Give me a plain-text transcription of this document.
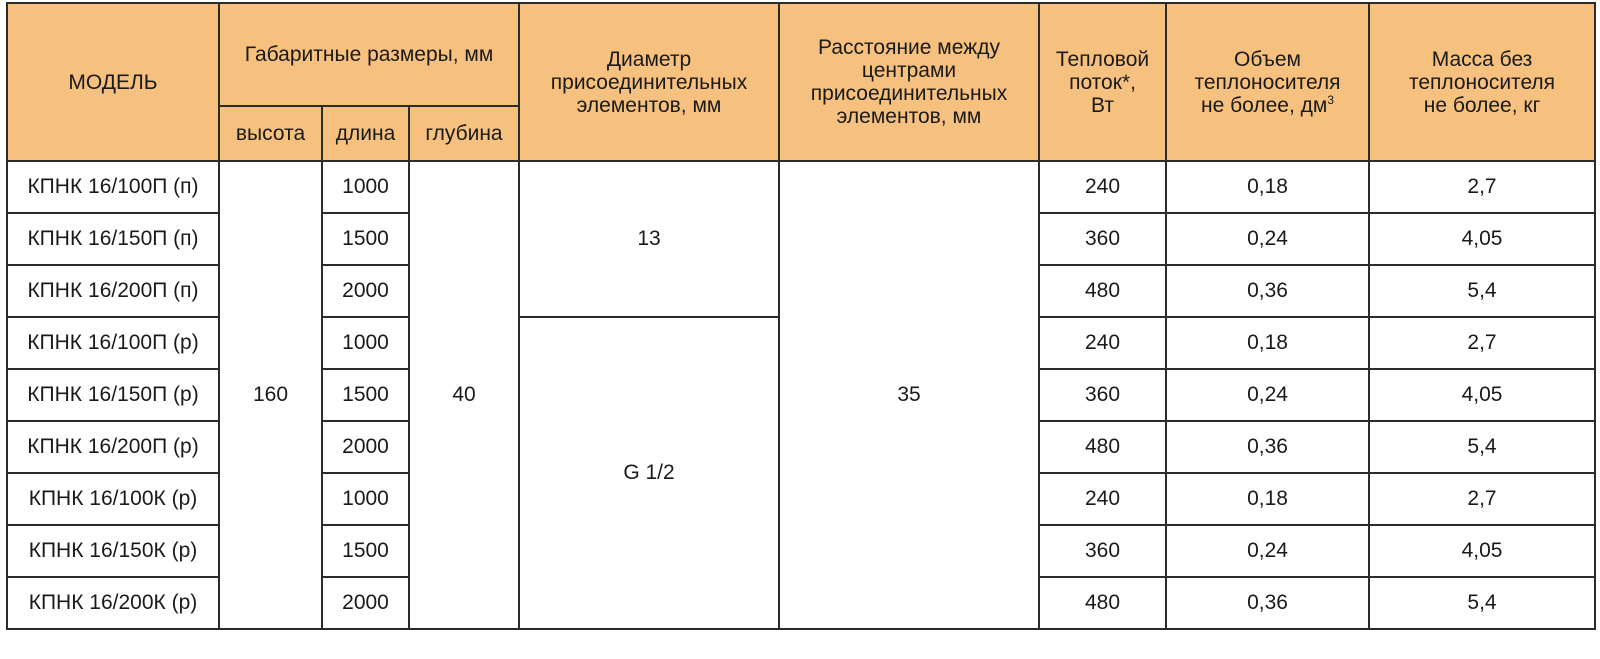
МОДЕЛЬ	Габаритные размеры, мм			Диаметр
присоединительных
элементов, мм	Расстояние между
центрами
присоединительных
элементов, мм	Тепловой
поток*,
Вт	Объем
теплоносителя
не более, $дм^3$	Масса без
теплоносителя
не более, кг
	высота	длина	глубина					
КПНК 16/100П (п)	160	1000	40	13	35	240	0,18	2,7
КПНК 16/150П (п)		1500				360	0,24	4,05
КПНК 16/200П (п)		2000				480	0,36	5,4
КПНК 16/100П (р)		1000		G 1/2		240	0,18	2,7
КПНК 16/150П (р)		1500				360	0,24	4,05
КПНК 16/200П (р)		2000				480	0,36	5,4
КПНК 16/100К (р)		1000				240	0,18	2,7
КПНК 16/150К (р)		1500				360	0,24	4,05
КПНК 16/200К (р)		2000				480	0,36	5,4
